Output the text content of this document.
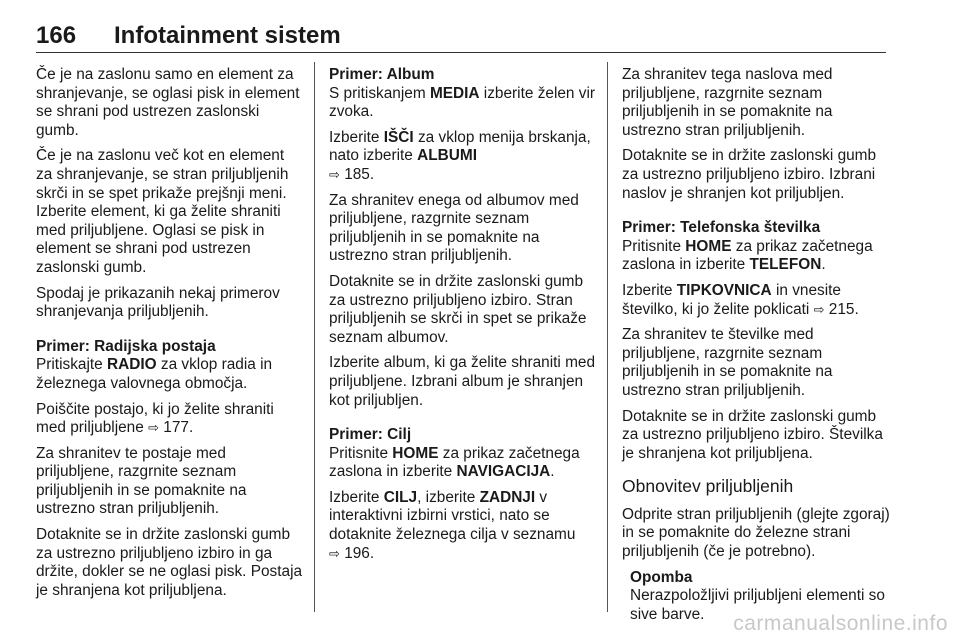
166 Infotainment sistem

Če je na zaslonu samo en element za shranjevanje, se oglasi pisk in element se shrani pod ustrezen zaslonski gumb.

Če je na zaslonu več kot en element za shranjevanje, se stran priljubljenih skrči in se spet prikaže prejšnji meni. Izberite element, ki ga želite shraniti med priljubljene. Oglasi se pisk in element se shrani pod ustrezen zaslonski gumb.

Spodaj je prikazanih nekaj primerov shranjevanja priljubljenih.

Primer: Radijska postaja

Pritiskajte RADIO za vklop radia in železnega valovnega območja.

Poiščite postajo, ki jo želite shraniti med priljubljene ⇨ 177.

Za shranitev te postaje med priljubljene, razgrnite seznam priljubljenih in se pomaknite na ustrezno stran priljubljenih.

Dotaknite se in držite zaslonski gumb za ustrezno priljubljeno izbiro in ga držite, dokler se ne oglasi pisk. Postaja je shranjena kot priljubljena.

Primer: Album

S pritiskanjem MEDIA izberite želen vir zvoka.

Izberite IŠČI za vklop menija brskanja, nato izberite ALBUMI
⇨ 185.

Za shranitev enega od albumov med priljubljene, razgrnite seznam priljubljenih in se pomaknite na ustrezno stran priljubljenih.

Dotaknite se in držite zaslonski gumb za ustrezno priljubljeno izbiro. Stran priljubljenih se skrči in spet se prikaže seznam albumov.

Izberite album, ki ga želite shraniti med priljubljene. Izbrani album je shranjen kot priljubljen.

Primer: Cilj

Pritisnite HOME za prikaz začetnega zaslona in izberite NAVIGACIJA.

Izberite CILJ, izberite ZADNJI v interaktivni izbirni vrstici, nato se dotaknite železnega cilja v seznamu
⇨ 196.

Za shranitev tega naslova med priljubljene, razgrnite seznam priljubljenih in se pomaknite na ustrezno stran priljubljenih.

Dotaknite se in držite zaslonski gumb za ustrezno priljubljeno izbiro. Izbrani naslov je shranjen kot priljubljen.

Primer: Telefonska številka

Pritisnite HOME za prikaz začetnega zaslona in izberite TELEFON.

Izberite TIPKOVNICA in vnesite številko, ki jo želite poklicati ⇨ 215.

Za shranitev te številke med priljubljene, razgrnite seznam priljubljenih in se pomaknite na ustrezno stran priljubljenih.

Dotaknite se in držite zaslonski gumb za ustrezno priljubljeno izbiro. Številka je shranjena kot priljubljena.

Obnovitev priljubljenih

Odprite stran priljubljenih (glejte zgoraj) in se pomaknite do železne strani priljubljenih (če je potrebno).

Opomba

Nerazpoložljivi priljubljeni elementi so sive barve.	carmanualsonline.info
